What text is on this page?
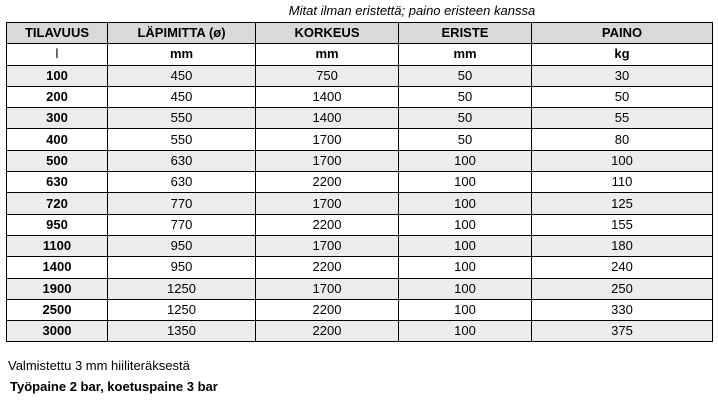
Mitat ilman eristettä; paino eristeen kanssa
TILAVUUS	LÄPIMITTA (ø)	KORKEUS	ERISTE	PAINO
l	mm	mm	mm	kg
100	450	750	50	30
200	450	1400	50	50
300	550	1400	50	55
400	550	1700	50	80
500	630	1700	100	100
630	630	2200	100	110
720	770	1700	100	125
950	770	2200	100	155
1100	950	1700	100	180
1400	950	2200	100	240
1900	1250	1700	100	250
2500	1250	2200	100	330
3000	1350	2200	100	375
Valmistettu 3 mm hiiliteräksestä
Työpaine 2 bar, koetuspaine 3 bar
